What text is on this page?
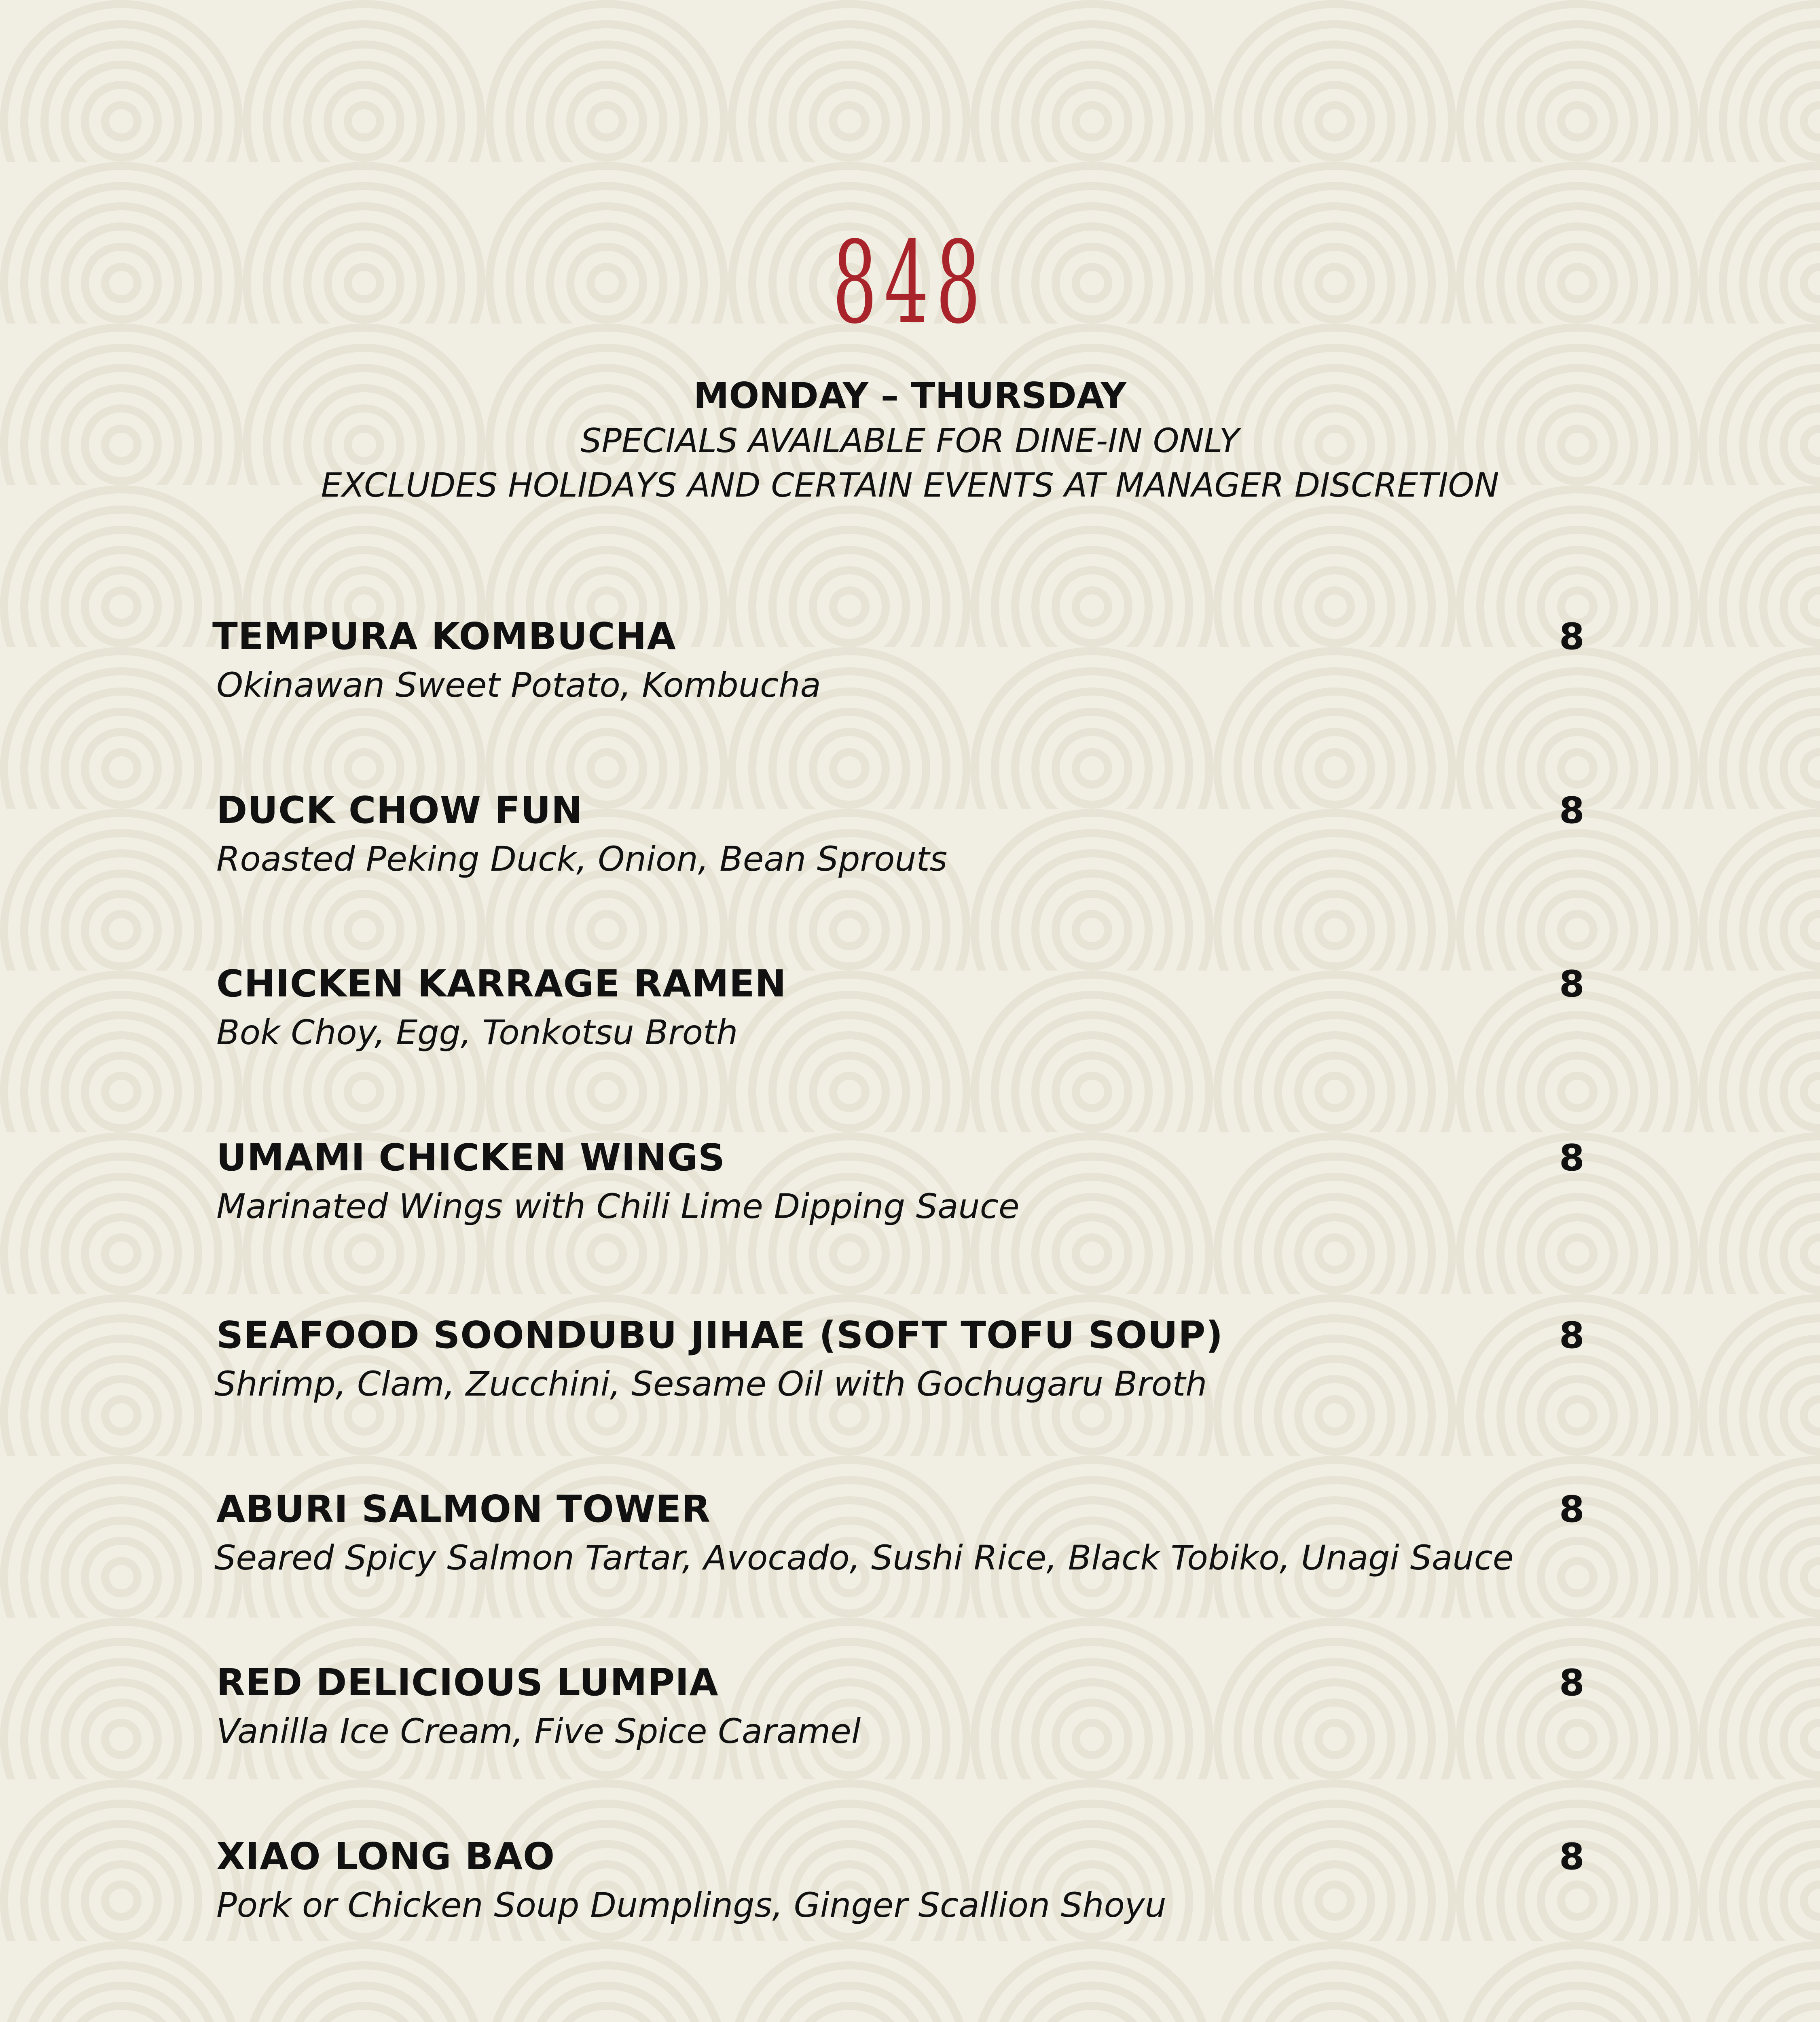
848
MONDAY – THURSDAY
SPECIALS AVAILABLE FOR DINE-IN ONLY
EXCLUDES HOLIDAYS AND CERTAIN EVENTS AT MANAGER DISCRETION
TEMPURA KOMBUCHA
Okinawan Sweet Potato, Kombucha
8
DUCK CHOW FUN
Roasted Peking Duck, Onion, Bean Sprouts
8
CHICKEN KARRAGE RAMEN
Bok Choy, Egg, Tonkotsu Broth
8
UMAMI CHICKEN WINGS
Marinated Wings with Chili Lime Dipping Sauce
8
SEAFOOD SOONDUBU JIHAE (SOFT TOFU SOUP)
Shrimp, Clam, Zucchini, Sesame Oil with Gochugaru Broth
8
ABURI SALMON TOWER
Seared Spicy Salmon Tartar, Avocado, Sushi Rice, Black Tobiko, Unagi Sauce
8
RED DELICIOUS LUMPIA
Vanilla Ice Cream, Five Spice Caramel
8
XIAO LONG BAO
Pork or Chicken Soup Dumplings, Ginger Scallion Shoyu
8
